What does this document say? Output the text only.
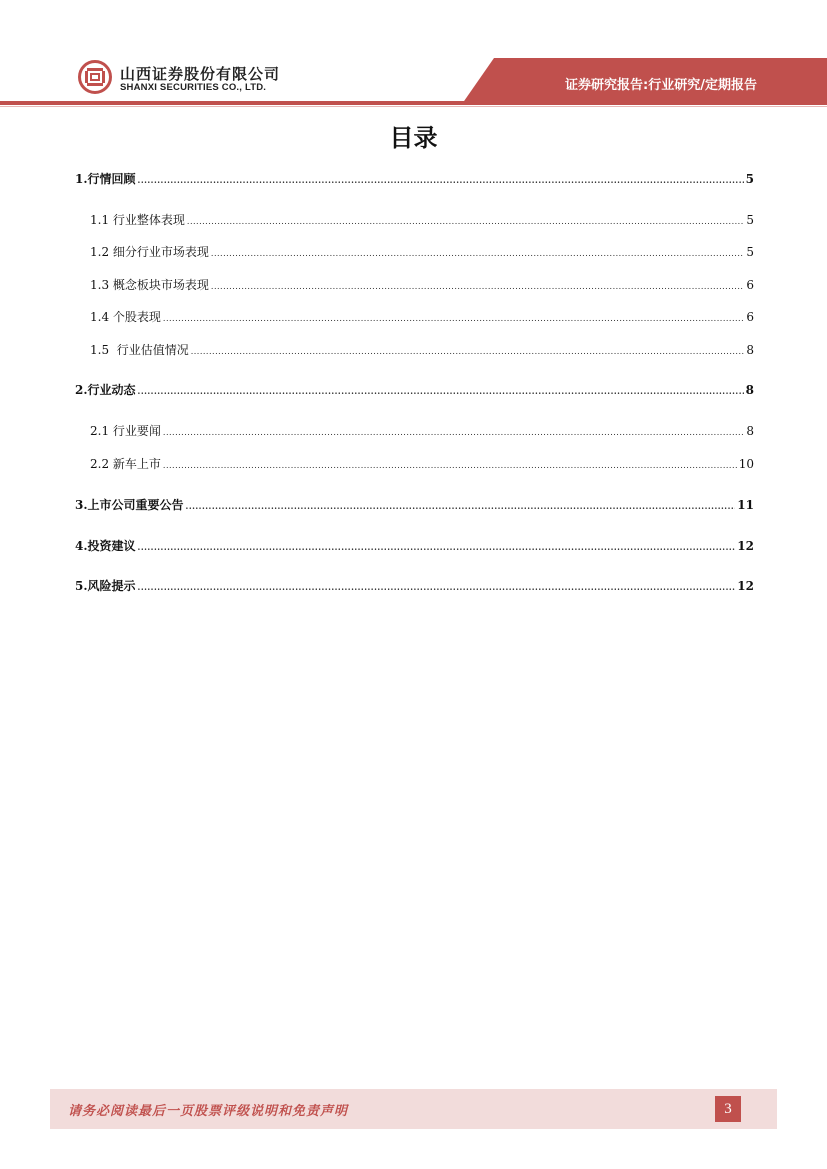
山西证券股份有限公司
SHANXI SECURITIES CO., LTD.	证券研究报告:行业研究/定期报告
目录
1.行情回顾 .....	5
1.1 行业整体表现 .....	5
1.2 细分行业市场表现 .....	5
1.3 概念板块市场表现 .....	6
1.4 个股表现 .....	6
1.5  行业估值情况 .....	8
2.行业动态 .....	8
2.1 行业要闻 .....	8
2.2 新车上市 .....	10
3.上市公司重要公告 .....	11
4.投资建议 .....	12
5.风险提示 .....	12
请务必阅读最后一页股票评级说明和免责声明	3
